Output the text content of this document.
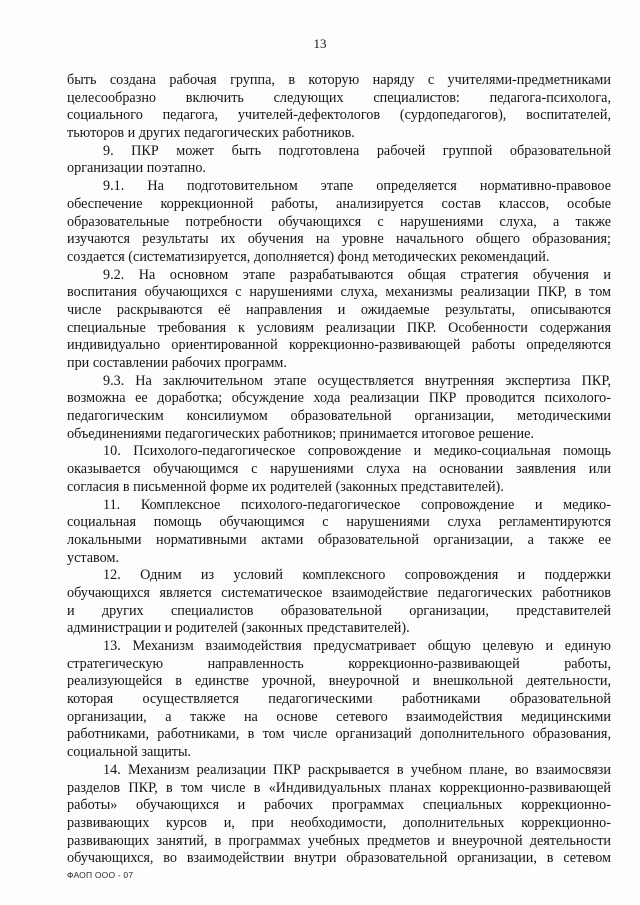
13
быть создана рабочая группа, в которую наряду с учителями-предметниками
целесообразно включить следующих специалистов: педагога-психолога,
социального педагога, учителей-дефектологов (сурдопедагогов), воспитателей,
тьюторов и других педагогических работников.
9. ПКР может быть подготовлена рабочей группой образовательной
организации поэтапно.
9.1. На подготовительном этапе определяется нормативно-правовое
обеспечение коррекционной работы, анализируется состав классов, особые
образовательные потребности обучающихся с нарушениями слуха, а также
изучаются результаты их обучения на уровне начального общего образования;
создается (систематизируется, дополняется) фонд методических рекомендаций.
9.2. На основном этапе разрабатываются общая стратегия обучения и
воспитания обучающихся с нарушениями слуха, механизмы реализации ПКР, в том
числе раскрываются её направления и ожидаемые результаты, описываются
специальные требования к условиям реализации ПКР. Особенности содержания
индивидуально ориентированной коррекционно-развивающей работы определяются
при составлении рабочих программ.
9.3. На заключительном этапе осуществляется внутренняя экспертиза ПКР,
возможна ее доработка; обсуждение хода реализации ПКР проводится психолого-
педагогическим консилиумом образовательной организации, методическими
объединениями педагогических работников; принимается итоговое решение.
10. Психолого-педагогическое сопровождение и медико-социальная помощь
оказывается обучающимся с нарушениями слуха на основании заявления или
согласия в письменной форме их родителей (законных представителей).
11. Комплексное психолого-педагогическое сопровождение и медико-
социальная помощь обучающимся с нарушениями слуха регламентируются
локальными нормативными актами образовательной организации, а также ее
уставом.
12. Одним из условий комплексного сопровождения и поддержки
обучающихся является систематическое взаимодействие педагогических работников
и других специалистов образовательной организации, представителей
администрации и родителей (законных представителей).
13. Механизм взаимодействия предусматривает общую целевую и единую
стратегическую направленность коррекционно-развивающей работы,
реализующейся в единстве урочной, внеурочной и внешкольной деятельности,
которая осуществляется педагогическими работниками образовательной
организации, а также на основе сетевого взаимодействия медицинскими
работниками, работниками, в том числе организаций дополнительного образования,
социальной защиты.
14. Механизм реализации ПКР раскрывается в учебном плане, во взаимосвязи
разделов ПКР, в том числе в «Индивидуальных планах коррекционно-развивающей
работы» обучающихся и рабочих программах специальных коррекционно-
развивающих курсов и, при необходимости, дополнительных коррекционно-
развивающих занятий, в программах учебных предметов и внеурочной деятельности
обучающихся, во взаимодействии внутри образовательной организации, в сетевом
ФАОП ООО - 07
